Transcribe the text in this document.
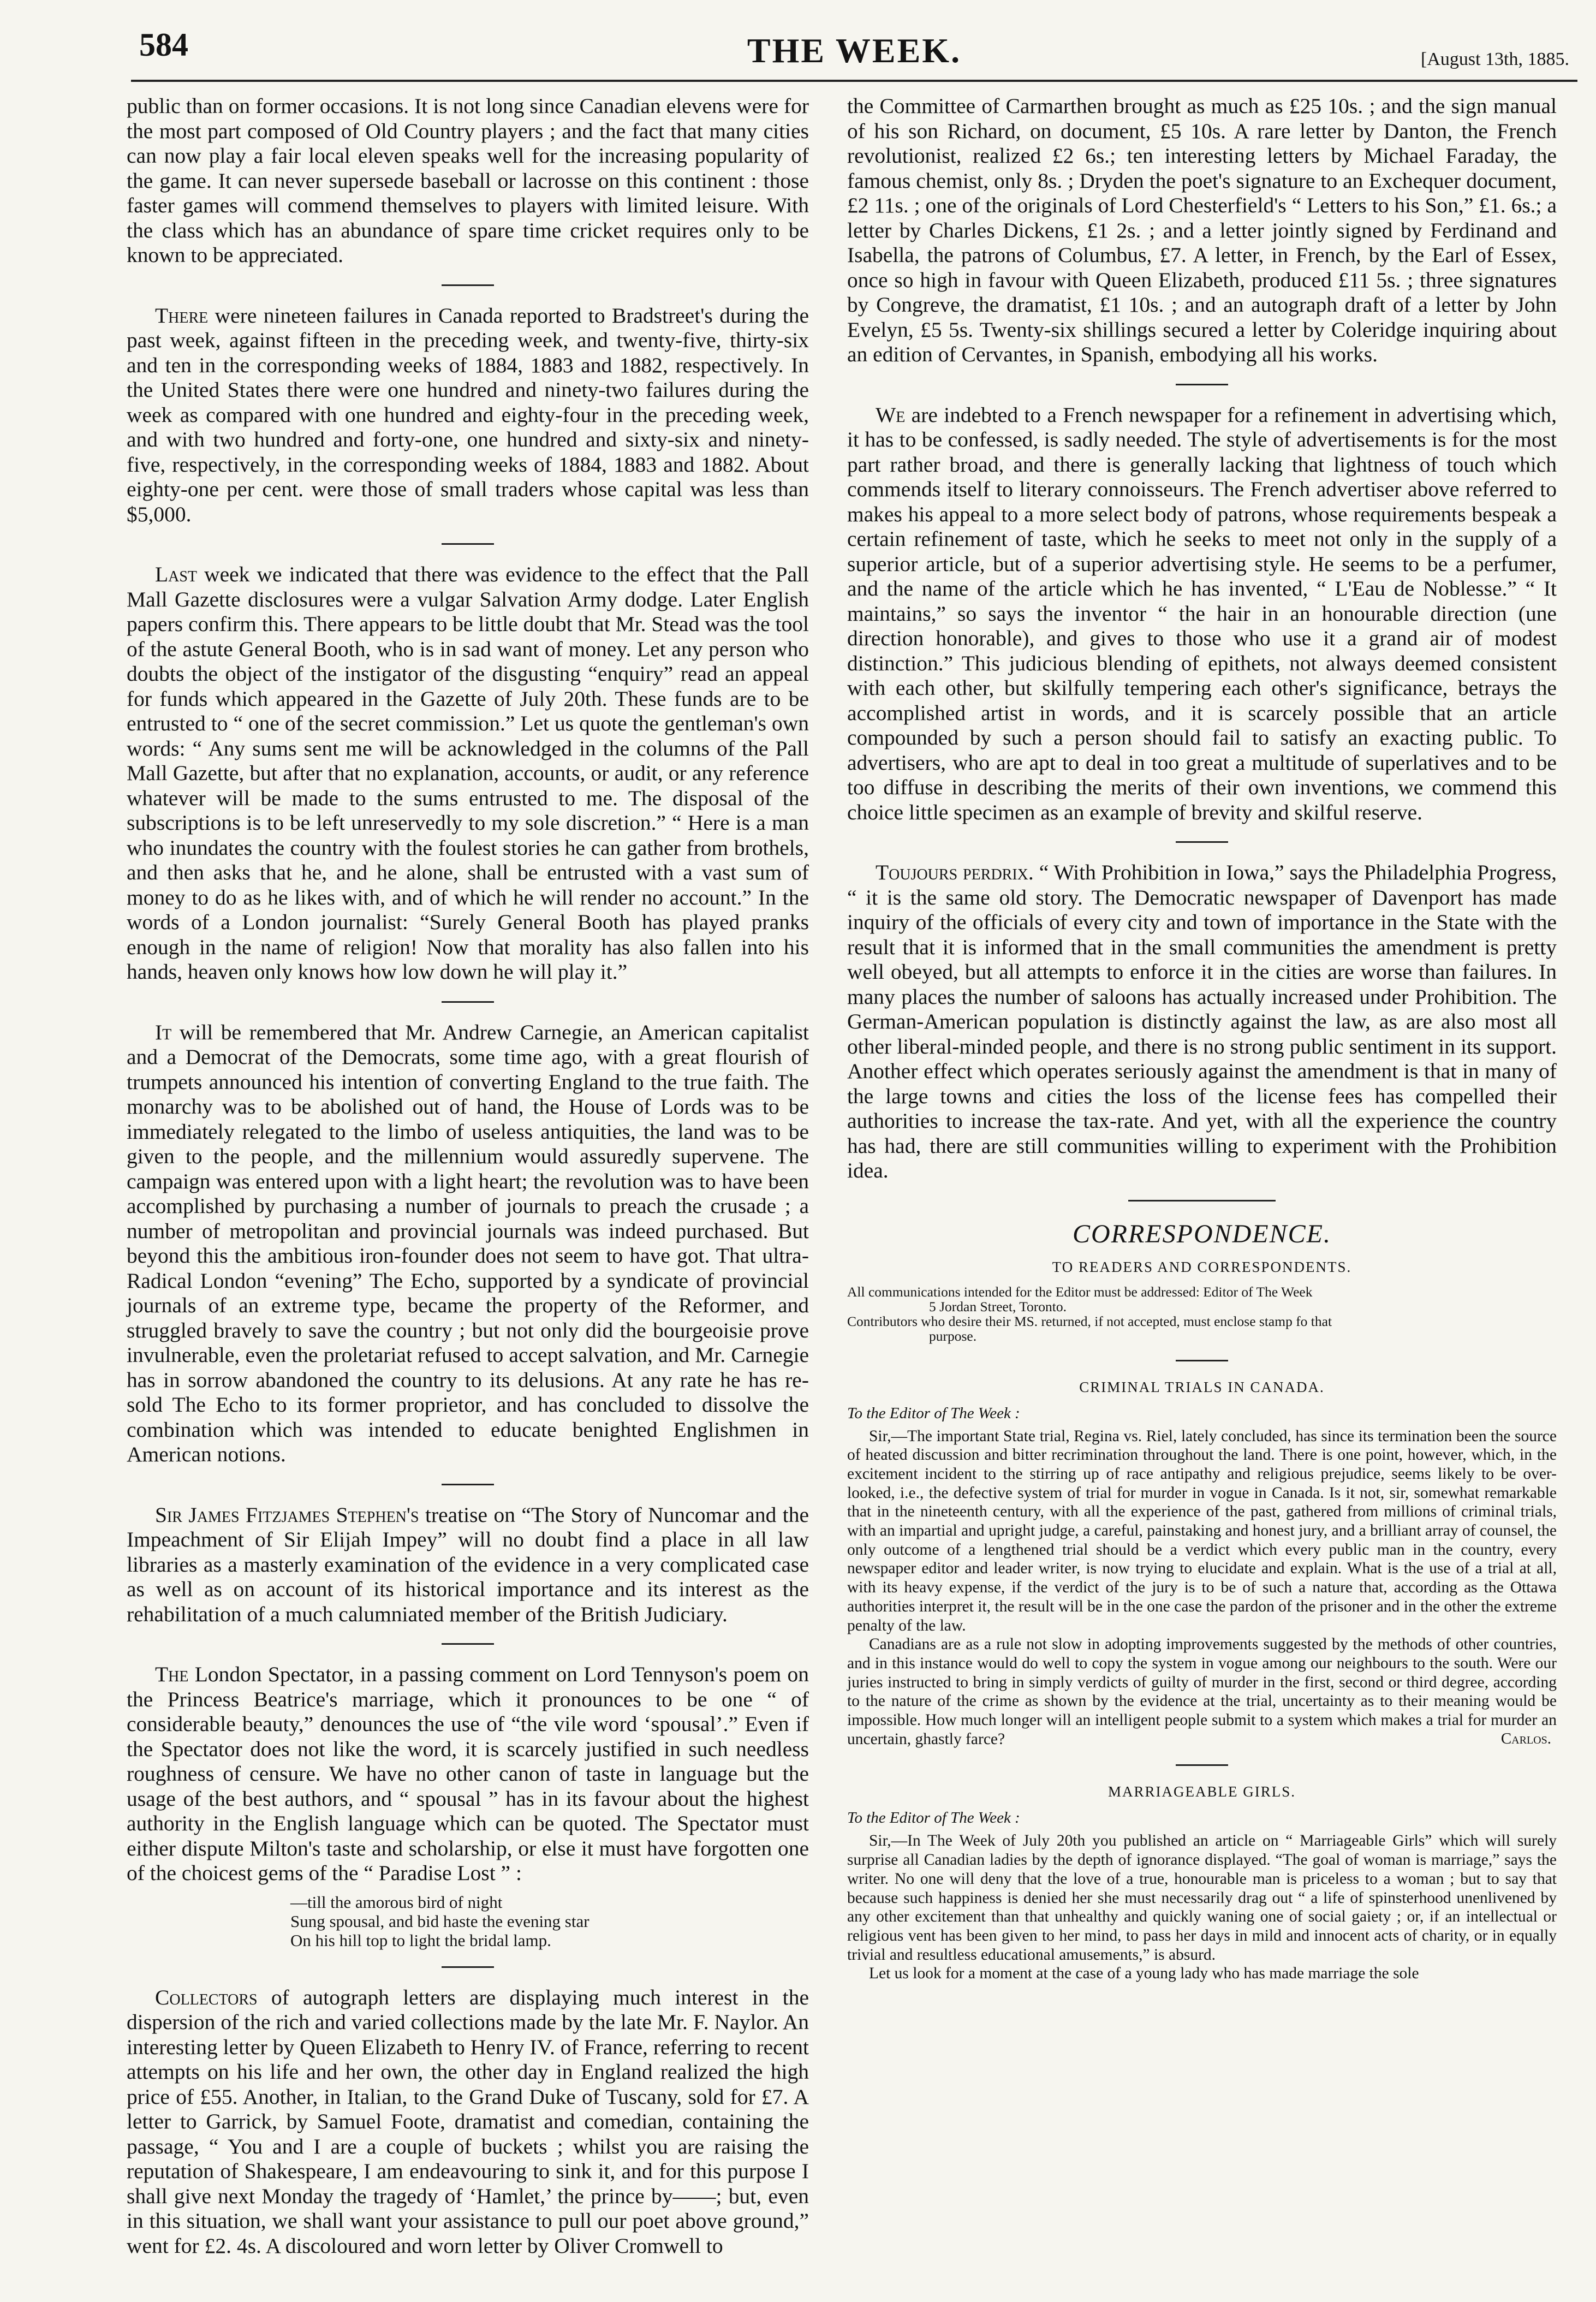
584	THE WEEK.	[August 13th, 1885.

public than on former occasions. It is not long since Canadian elevens were for the most part composed of Old Country players ; and the fact that many cities can now play a fair local eleven speaks well for the increasing popularity of the game. It can never supersede baseball or lacrosse on this continent : those faster games will commend themselves to players with limited leisure. With the class which has an abundance of spare time cricket requires only to be known to be appreciated.

There were nineteen failures in Canada reported to Bradstreet's during the past week, against fifteen in the preceding week, and twenty-five, thirty-six and ten in the corresponding weeks of 1884, 1883 and 1882, respectively. In the United States there were one hundred and ninety-two failures during the week as compared with one hundred and eighty-four in the preceding week, and with two hundred and forty-one, one hundred and sixty-six and ninety-five, respectively, in the corresponding weeks of 1884, 1883 and 1882. About eighty-one per cent. were those of small traders whose capital was less than $5,000.

Last week we indicated that there was evidence to the effect that the Pall Mall Gazette disclosures were a vulgar Salvation Army dodge. Later English papers confirm this. There appears to be little doubt that Mr. Stead was the tool of the astute General Booth, who is in sad want of money. Let any person who doubts the object of the instigator of the disgusting “enquiry” read an appeal for funds which appeared in the Gazette of July 20th. These funds are to be entrusted to “ one of the secret commission.” Let us quote the gentleman's own words: “ Any sums sent me will be acknowledged in the columns of the Pall Mall Gazette, but after that no explanation, accounts, or audit, or any reference whatever will be made to the sums entrusted to me. The disposal of the subscriptions is to be left unreservedly to my sole discretion.” “ Here is a man who inundates the country with the foulest stories he can gather from brothels, and then asks that he, and he alone, shall be entrusted with a vast sum of money to do as he likes with, and of which he will render no account.” In the words of a London journalist: “Surely General Booth has played pranks enough in the name of religion! Now that morality has also fallen into his hands, heaven only knows how low down he will play it.”

It will be remembered that Mr. Andrew Carnegie, an American capitalist and a Democrat of the Democrats, some time ago, with a great flourish of trumpets announced his intention of converting England to the true faith. The monarchy was to be abolished out of hand, the House of Lords was to be immediately relegated to the limbo of useless antiquities, the land was to be given to the people, and the millennium would assuredly supervene. The campaign was entered upon with a light heart; the revolution was to have been accomplished by purchasing a number of journals to preach the crusade ; a number of metropolitan and provincial journals was indeed purchased. But beyond this the ambitious iron-founder does not seem to have got. That ultra-Radical London “evening” The Echo, supported by a syndicate of provincial journals of an extreme type, became the property of the Reformer, and struggled bravely to save the country ; but not only did the bourgeoisie prove invulnerable, even the proletariat refused to accept salvation, and Mr. Carnegie has in sorrow abandoned the country to its delusions. At any rate he has re-sold The Echo to its former proprietor, and has concluded to dissolve the combination which was intended to educate benighted Englishmen in American notions.

Sir James Fitzjames Stephen's treatise on “The Story of Nuncomar and the Impeachment of Sir Elijah Impey” will no doubt find a place in all law libraries as a masterly examination of the evidence in a very complicated case as well as on account of its historical importance and its interest as the rehabilitation of a much calumniated member of the British Judiciary.

The London Spectator, in a passing comment on Lord Tennyson's poem on the Princess Beatrice's marriage, which it pronounces to be one “ of considerable beauty,” denounces the use of “the vile word ‘spousal’.” Even if the Spectator does not like the word, it is scarcely justified in such needless roughness of censure. We have no other canon of taste in language but the usage of the best authors, and “ spousal ” has in its favour about the highest authority in the English language which can be quoted. The Spectator must either dispute Milton's taste and scholarship, or else it must have forgotten one of the choicest gems of the “ Paradise Lost ” :

—till the amorous bird of night
Sung spousal, and bid haste the evening star
On his hill top to light the bridal lamp.

Collectors of autograph letters are displaying much interest in the dispersion of the rich and varied collections made by the late Mr. F. Naylor. An interesting letter by Queen Elizabeth to Henry IV. of France, referring to recent attempts on his life and her own, the other day in England realized the high price of £55. Another, in Italian, to the Grand Duke of Tuscany, sold for £7. A letter to Garrick, by Samuel Foote, dramatist and comedian, containing the passage, “ You and I are a couple of buckets ; whilst you are raising the reputation of Shakespeare, I am endeavouring to sink it, and for this purpose I shall give next Monday the tragedy of ‘Hamlet,’ the prince by——; but, even in this situation, we shall want your assistance to pull our poet above ground,” went for £2. 4s. A discoloured and worn letter by Oliver Cromwell to

the Committee of Carmarthen brought as much as £25 10s. ; and the sign manual of his son Richard, on document, £5 10s. A rare letter by Danton, the French revolutionist, realized £2 6s.; ten interesting letters by Michael Faraday, the famous chemist, only 8s. ; Dryden the poet's signature to an Exchequer document, £2 11s. ; one of the originals of Lord Chesterfield's “ Letters to his Son,” £1. 6s.; a letter by Charles Dickens, £1 2s. ; and a letter jointly signed by Ferdinand and Isabella, the patrons of Columbus, £7. A letter, in French, by the Earl of Essex, once so high in favour with Queen Elizabeth, produced £11 5s. ; three signatures by Congreve, the dramatist, £1 10s. ; and an autograph draft of a letter by John Evelyn, £5 5s. Twenty-six shillings secured a letter by Coleridge inquiring about an edition of Cervantes, in Spanish, embodying all his works.

We are indebted to a French newspaper for a refinement in advertising which, it has to be confessed, is sadly needed. The style of advertisements is for the most part rather broad, and there is generally lacking that lightness of touch which commends itself to literary connoisseurs. The French advertiser above referred to makes his appeal to a more select body of patrons, whose requirements bespeak a certain refinement of taste, which he seeks to meet not only in the supply of a superior article, but of a superior advertising style. He seems to be a perfumer, and the name of the article which he has invented, “ L'Eau de Noblesse.” “ It maintains,” so says the inventor “ the hair in an honourable direction (une direction honorable), and gives to those who use it a grand air of modest distinction.” This judicious blending of epithets, not always deemed consistent with each other, but skilfully tempering each other's significance, betrays the accomplished artist in words, and it is scarcely possible that an article compounded by such a person should fail to satisfy an exacting public. To advertisers, who are apt to deal in too great a multitude of superlatives and to be too diffuse in describing the merits of their own inventions, we commend this choice little specimen as an example of brevity and skilful reserve.

Toujours perdrix. “ With Prohibition in Iowa,” says the Philadelphia Progress, “ it is the same old story. The Democratic newspaper of Davenport has made inquiry of the officials of every city and town of importance in the State with the result that it is informed that in the small communities the amendment is pretty well obeyed, but all attempts to enforce it in the cities are worse than failures. In many places the number of saloons has actually increased under Prohibition. The German-American population is distinctly against the law, as are also most all other liberal-minded people, and there is no strong public sentiment in its support. Another effect which operates seriously against the amendment is that in many of the large towns and cities the loss of the license fees has compelled their authorities to increase the tax-rate. And yet, with all the experience the country has had, there are still communities willing to experiment with the Prohibition idea.

CORRESPONDENCE.
TO READERS AND CORRESPONDENTS.

All communications intended for the Editor must be addressed: Editor of The Week

5 Jordan Street, Toronto.

Contributors who desire their MS. returned, if not accepted, must enclose stamp fo that

purpose.

CRIMINAL TRIALS IN CANADA.

To the Editor of The Week :

Sir,—The important State trial, Regina vs. Riel, lately concluded, has since its termination been the source of heated discussion and bitter recrimination throughout the land. There is one point, however, which, in the excitement incident to the stirring up of race antipathy and religious prejudice, seems likely to be over-looked, i.e., the defective system of trial for murder in vogue in Canada. Is it not, sir, somewhat remarkable that in the nineteenth century, with all the experience of the past, gathered from millions of criminal trials, with an impartial and upright judge, a careful, painstaking and honest jury, and a brilliant array of counsel, the only outcome of a lengthened trial should be a verdict which every public man in the country, every newspaper editor and leader writer, is now trying to elucidate and explain. What is the use of a trial at all, with its heavy expense, if the verdict of the jury is to be of such a nature that, according as the Ottawa authorities interpret it, the result will be in the one case the pardon of the prisoner and in the other the extreme penalty of the law.

Canadians are as a rule not slow in adopting improvements suggested by the methods of other countries, and in this instance would do well to copy the system in vogue among our neighbours to the south. Were our juries instructed to bring in simply verdicts of guilty of murder in the first, second or third degree, according to the nature of the crime as shown by the evidence at the trial, uncertainty as to their meaning would be impossible. How much longer will an intelligent people submit to a system which makes a trial for murder an uncertain, ghastly farce?	Carlos.
MARRIAGEABLE GIRLS.

To the Editor of The Week :

Sir,—In The Week of July 20th you published an article on “ Marriageable Girls” which will surely surprise all Canadian ladies by the depth of ignorance displayed. “The goal of woman is marriage,” says the writer. No one will deny that the love of a true, honourable man is priceless to a woman ; but to say that because such happiness is denied her she must necessarily drag out “ a life of spinsterhood unenlivened by any other excitement than that unhealthy and quickly waning one of social gaiety ; or, if an intellectual or religious vent has been given to her mind, to pass her days in mild and innocent acts of charity, or in equally trivial and resultless educational amusements,” is absurd.

Let us look for a moment at the case of a young lady who has made marriage the sole
